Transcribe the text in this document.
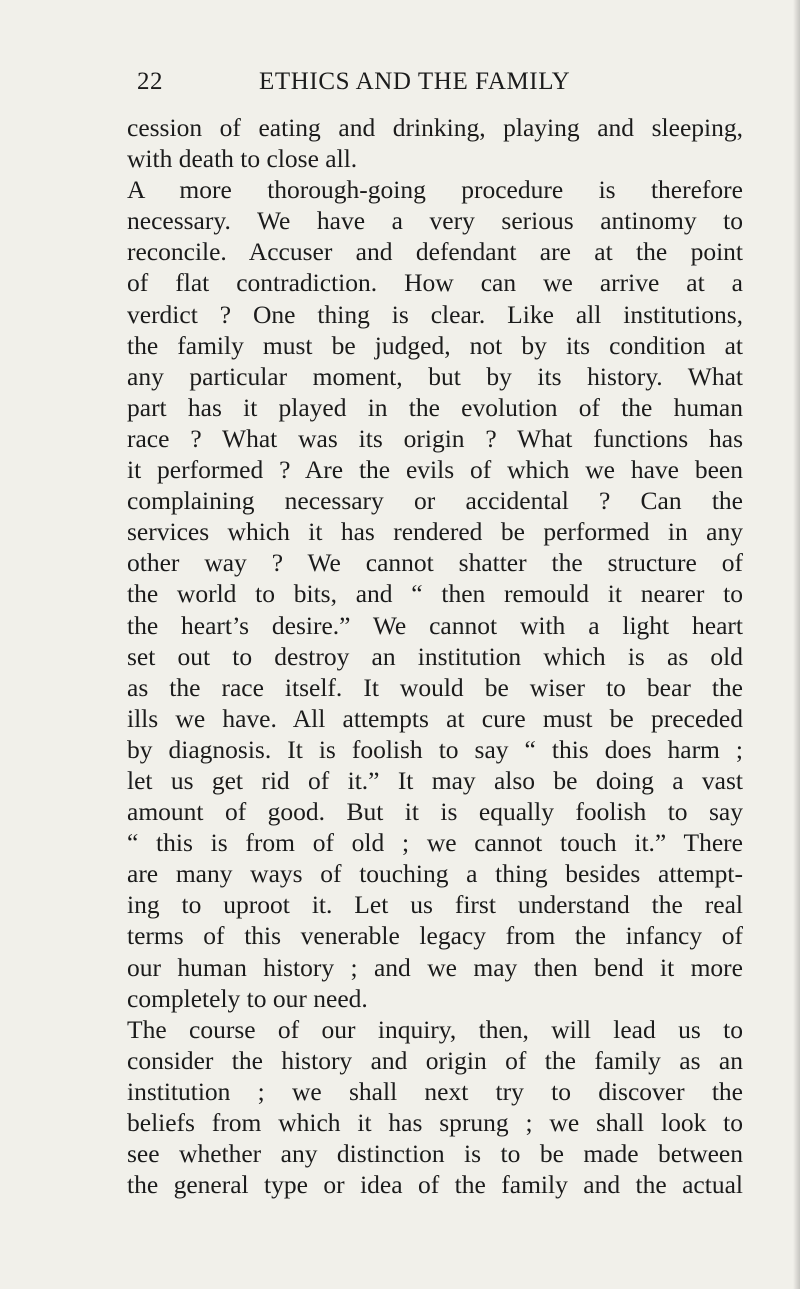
22	ETHICS AND THE FAMILY
cession of eating and drinking, playing and sleeping,
with death to close all.
A more thorough-going procedure is therefore
necessary. We have a very serious antinomy to
reconcile. Accuser and defendant are at the point
of flat contradiction. How can we arrive at a
verdict ? One thing is clear. Like all institutions,
the family must be judged, not by its condition at
any particular moment, but by its history. What
part has it played in the evolution of the human
race ? What was its origin ? What functions has
it performed ? Are the evils of which we have been
complaining necessary or accidental ? Can the
services which it has rendered be performed in any
other way ? We cannot shatter the structure of
the world to bits, and “ then remould it nearer to
the heart’s desire.” We cannot with a light heart
set out to destroy an institution which is as old
as the race itself. It would be wiser to bear the
ills we have. All attempts at cure must be preceded
by diagnosis. It is foolish to say “ this does harm ;
let us get rid of it.” It may also be doing a vast
amount of good. But it is equally foolish to say
“ this is from of old ; we cannot touch it.” There
are many ways of touching a thing besides attempt-
ing to uproot it. Let us first understand the real
terms of this venerable legacy from the infancy of
our human history ; and we may then bend it more
completely to our need.
The course of our inquiry, then, will lead us to
consider the history and origin of the family as an
institution ; we shall next try to discover the
beliefs from which it has sprung ; we shall look to
see whether any distinction is to be made between
the general type or idea of the family and the actual
